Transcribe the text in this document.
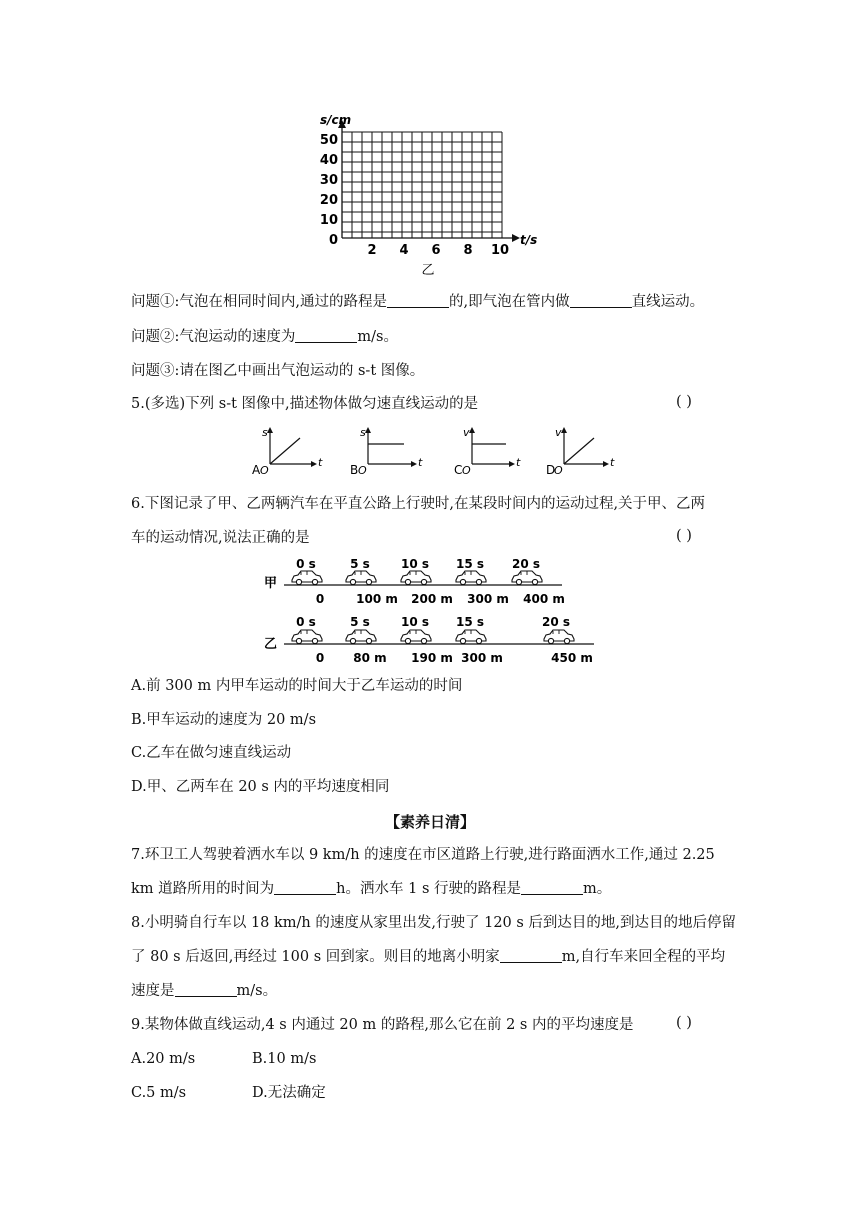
s/cm
t/s
50
40
30
20
10
0
2 4 6 8 10
乙
问题①:气泡在相同时间内,通过的路程是	的,即气泡在管内做	直线运动。
问题②:气泡运动的速度为	m/s。
问题③:请在图乙中画出气泡运动的 s-t 图像。
5.(多选)下列 s-t 图像中,描述物体做匀速直线运动的是	( )
s
O
t
s
O
t
v
O
t
v
O
t
A	B	C	D
6.下图记录了甲、乙两辆汽车在平直公路上行驶时,在某段时间内的运动过程,关于甲、乙两
车的运动情况,说法正确的是	( )
甲
0 s	5 s	10 s 15 s 20 s
0	100 m 200 m 300 m 400 m
乙
0 s	5 s	10 s 15 s	20 s
0 80 m 190 m 300 m	450 m
A.前 300 m 内甲车运动的时间大于乙车运动的时间
B.甲车运动的速度为 20 m/s
C.乙车在做匀速直线运动
D.甲、乙两车在 20 s 内的平均速度相同
【素养日清】
7.环卫工人驾驶着洒水车以 9 km/h 的速度在市区道路上行驶,进行路面洒水工作,通过 2.25
km 道路所用的时间为	h。洒水车 1 s 行驶的路程是	m。
8.小明骑自行车以 18 km/h 的速度从家里出发,行驶了 120 s 后到达目的地,到达目的地后停留
了 80 s 后返回,再经过 100 s 回到家。则目的地离小明家	m,自行车来回全程的平均
速度是	m/s。
9.某物体做直线运动,4 s 内通过 20 m 的路程,那么它在前 2 s 内的平均速度是	( )
A.20 m/s	B.10 m/s
C.5 m/s	D.无法确定
